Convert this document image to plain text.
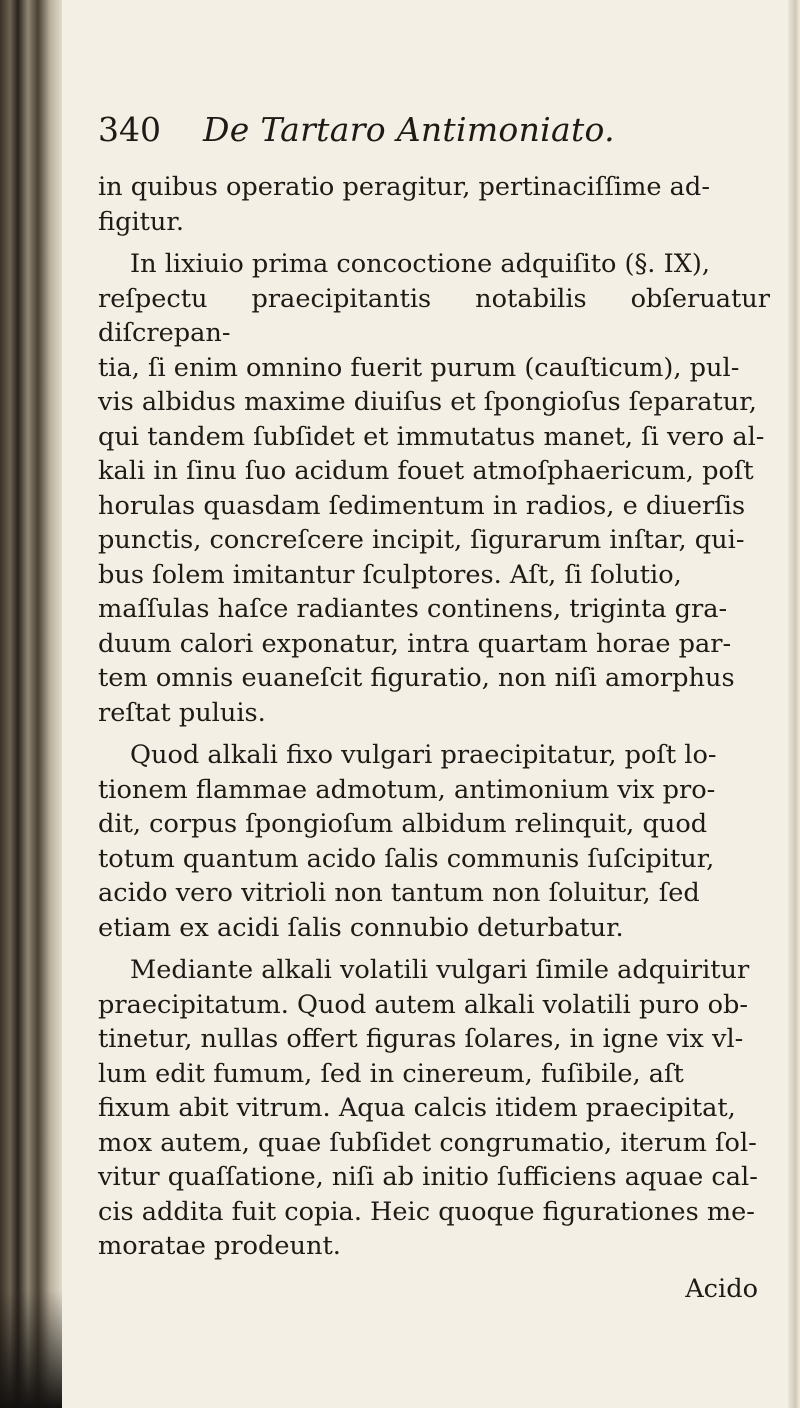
340 De Tartaro Antimoniato.
in quibus operatio peragitur, pertinaciſſime ad-
figitur.
In lixiuio prima concoctione adquiſito (§. IX),
reſpectu praecipitantis notabilis obſeruatur diſcrepan-
tia, ſi enim omnino fuerit purum (cauſticum), pul-
vis albidus maxime diuiſus et ſpongioſus ſeparatur,
qui tandem ſubſidet et immutatus manet, ſi vero al-
kali in ſinu ſuo acidum fouet atmoſphaericum, poſt
horulas quasdam ſedimentum in radios, e diuerſis
punctis, concreſcere incipit, ſigurarum inſtar, qui-
bus ſolem imitantur ſculptores. Aſt, ſi ſolutio,
maſſulas haſce radiantes continens, triginta gra-
duum calori exponatur, intra quartam horae par-
tem omnis euaneſcit figuratio, non niſi amorphus
reſtat puluis.
Quod alkali fixo vulgari praecipitatur, poſt lo-
tionem flammae admotum, antimonium vix pro-
dit, corpus ſpongioſum albidum relinquit, quod
totum quantum acido ſalis communis ſuſcipitur,
acido vero vitrioli non tantum non ſoluitur, ſed
etiam ex acidi ſalis connubio deturbatur.
Mediante alkali volatili vulgari ſimile adquiritur
praecipitatum. Quod autem alkali volatili puro ob-
tinetur, nullas offert figuras ſolares, in igne vix vl-
lum edit fumum, ſed in cinereum, fuſibile, aſt
fixum abit vitrum. Aqua calcis itidem praecipitat,
mox autem, quae ſubſidet congrumatio, iterum ſol-
vitur quaſſatione, niſi ab initio ſufficiens aquae cal-
cis addita fuit copia. Heic quoque figurationes me-
moratae prodeunt.
Acido
